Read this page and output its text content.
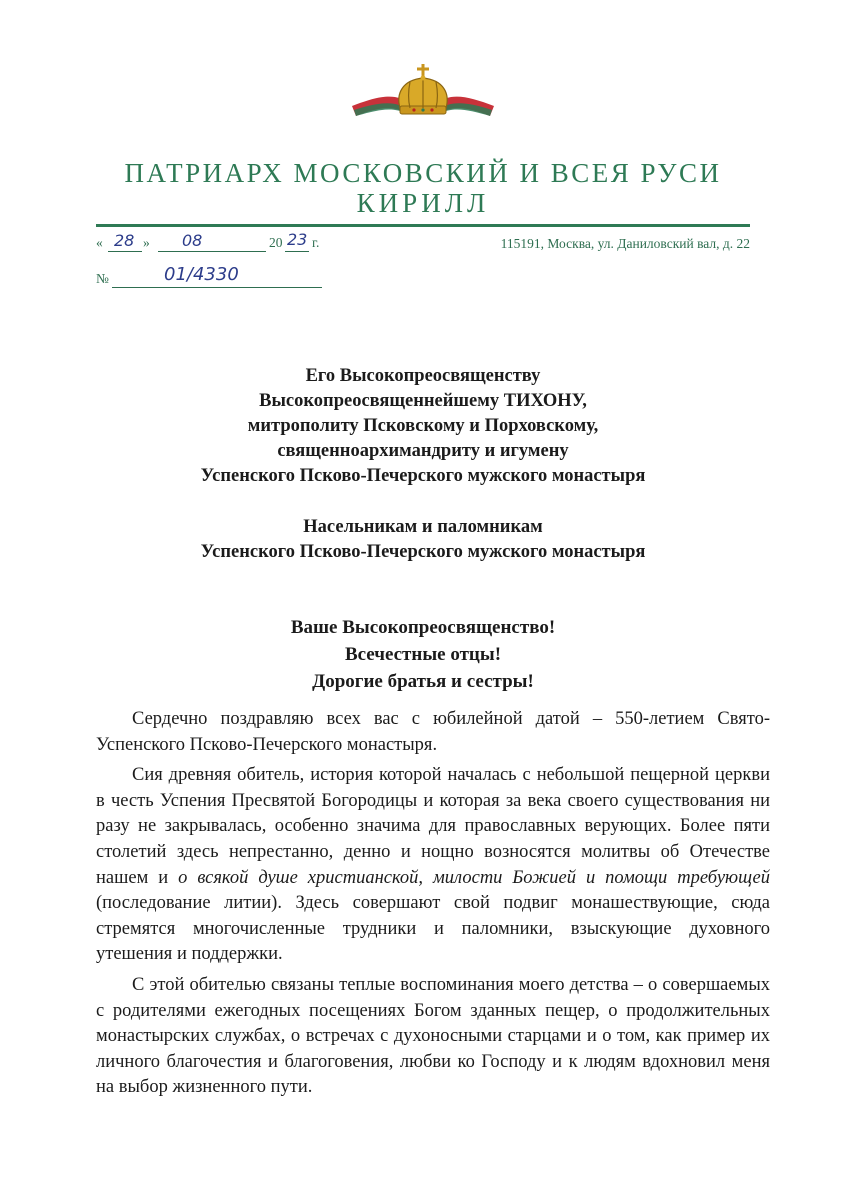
ПАТРИАРХ МОСКОВСКИЙ И ВСЕЯ РУСИ
КИРИЛЛ
« 28 » 08	20 23 г.	115191, Москва, ул. Даниловский вал, д. 22
№	01/4330
Его Высокопреосвященству
Высокопреосвященнейшему ТИХОНУ,
митрополиту Псковскому и Порховскому,
священноархимандриту и игумену
Успенского Псково-Печерского мужского монастыря
Насельникам и паломникам
Успенского Псково-Печерского мужского монастыря
Ваше Высокопреосвященство!
Всечестные отцы!
Дорогие братья и сестры!

Сердечно поздравляю всех вас с юбилейной датой – 550-летием Свято-Успенского Псково-Печерского монастыря.

Сия древняя обитель, история которой началась с небольшой пещерной церкви в честь Успения Пресвятой Богородицы и которая за века своего существования ни разу не закрывалась, особенно значима для православных верующих. Более пяти столетий здесь непрестанно, денно и нощно возносятся молитвы об Отечестве нашем и о всякой душе христианской, милости Божией и помощи требующей (последование литии). Здесь совершают свой подвиг монашествующие, сюда стремятся многочисленные трудники и паломники, взыскующие духовного утешения и поддержки.

С этой обителью связаны теплые воспоминания моего детства – о совершаемых с родителями ежегодных посещениях Богом зданных пещер, о продолжительных монастырских службах, о встречах с духоносными старцами и о том, как пример их личного благочестия и благоговения, любви ко Господу и к людям вдохновил меня на выбор жизненного пути.
